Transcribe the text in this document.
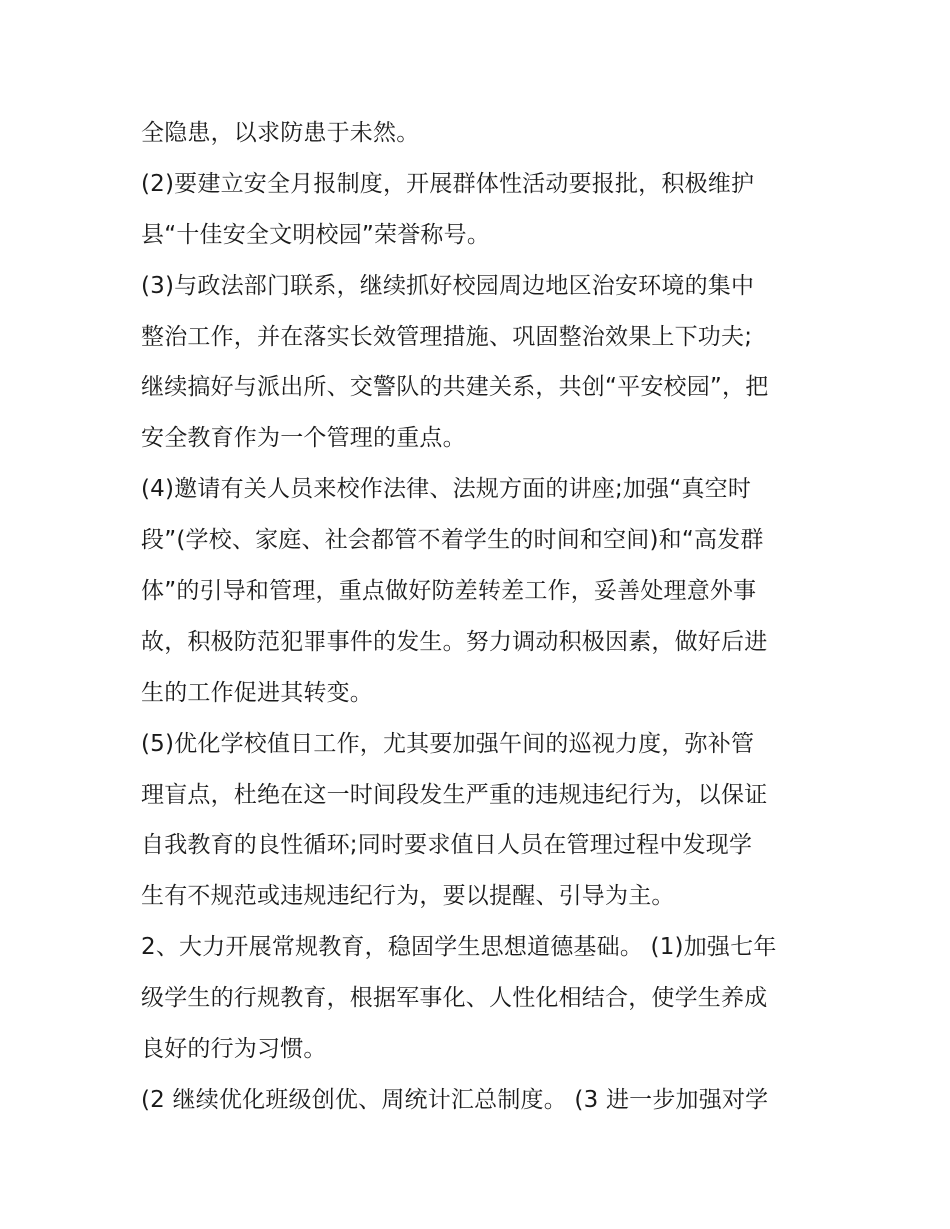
全隐患，以求防患于未然。
(2)要建立安全月报制度，开展群体性活动要报批，积极维护
县“十佳安全文明校园”荣誉称号。
(3)与政法部门联系，继续抓好校园周边地区治安环境的集中
整治工作，并在落实长效管理措施、巩固整治效果上下功夫;
继续搞好与派出所、交警队的共建关系，共创“平安校园”，把
安全教育作为一个管理的重点。
(4)邀请有关人员来校作法律、法规方面的讲座;加强“真空时
段”(学校、家庭、社会都管不着学生的时间和空间)和“高发群
体”的引导和管理，重点做好防差转差工作，妥善处理意外事
故，积极防范犯罪事件的发生。努力调动积极因素，做好后进
生的工作促进其转变。
(5)优化学校值日工作，尤其要加强午间的巡视力度，弥补管
理盲点，杜绝在这一时间段发生严重的违规违纪行为，以保证
自我教育的良性循环;同时要求值日人员在管理过程中发现学
生有不规范或违规违纪行为，要以提醒、引导为主。
2、大力开展常规教育，稳固学生思想道德基础。 (1)加强七年
级学生的行规教育，根据军事化、人性化相结合，使学生养成
良好的行为习惯。
(2 继续优化班级创优、周统计汇总制度。 (3 进一步加强对学
